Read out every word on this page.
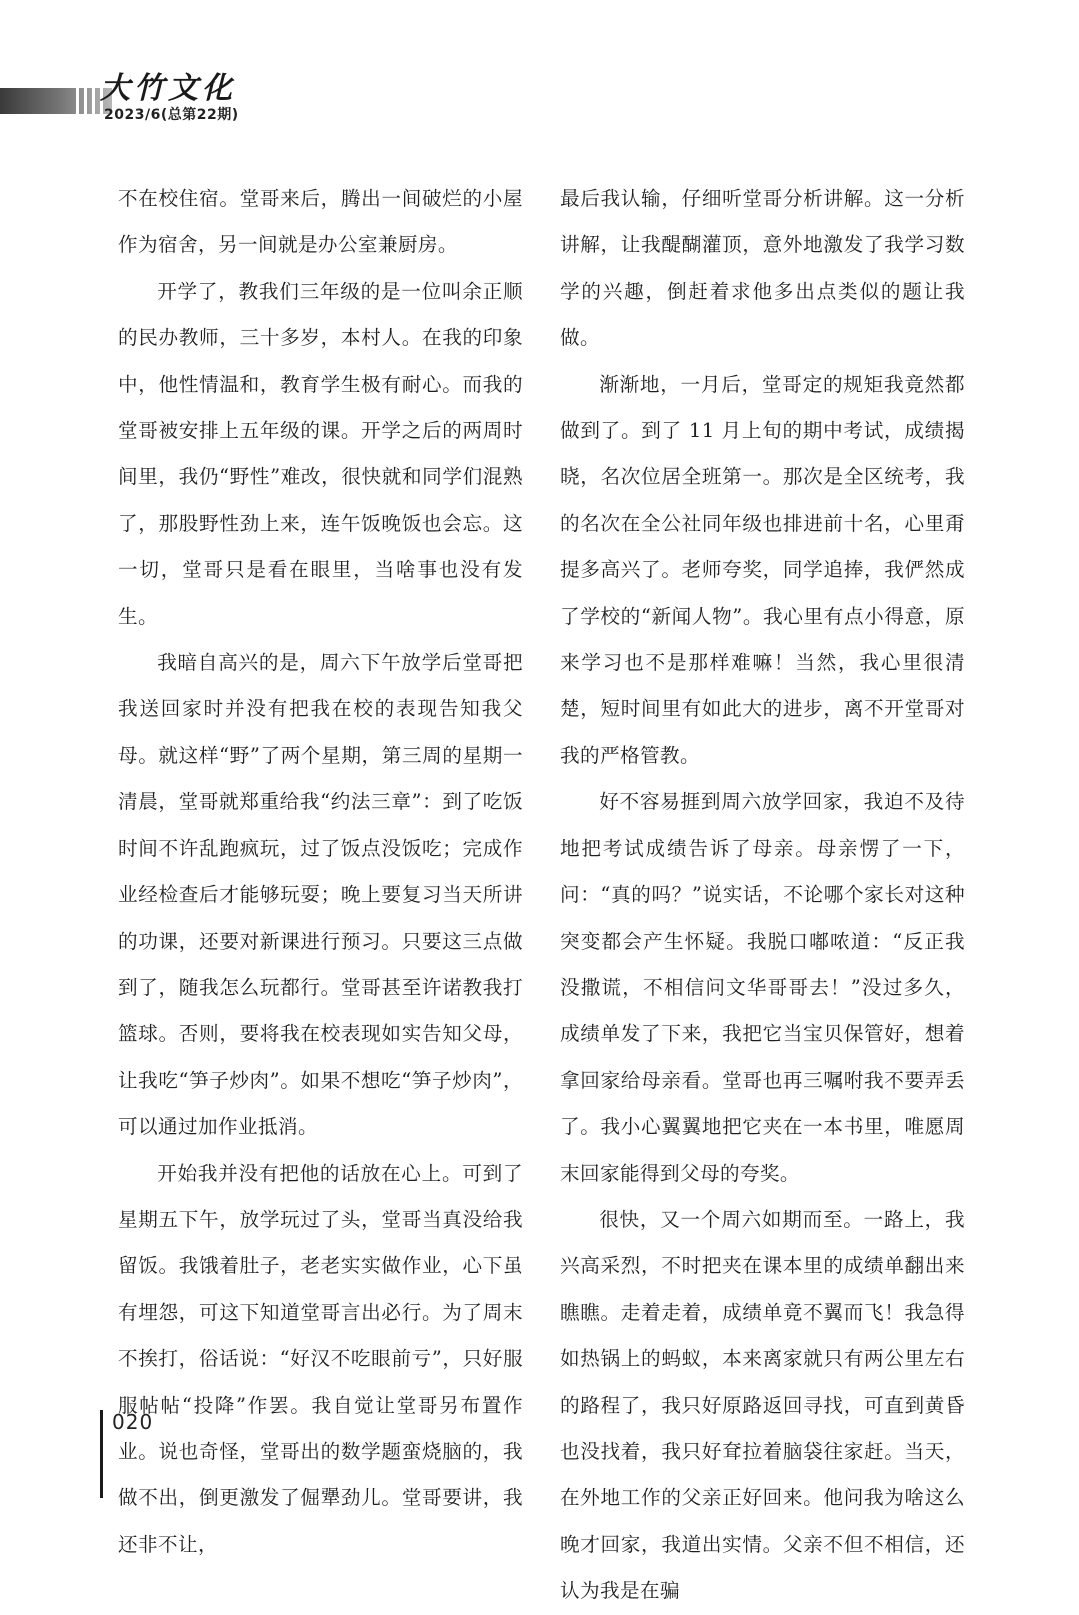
大竹文化
2023/6(总第22期)

不在校住宿。堂哥来后，腾出一间破烂的小屋作为宿舍，另一间就是办公室兼厨房。

开学了，教我们三年级的是一位叫余正顺的民办教师，三十多岁，本村人。在我的印象中，他性情温和，教育学生极有耐心。而我的堂哥被安排上五年级的课。开学之后的两周时间里，我仍“野性”难改，很快就和同学们混熟了，那股野性劲上来，连午饭晚饭也会忘。这一切，堂哥只是看在眼里，当啥事也没有发生。

我暗自高兴的是，周六下午放学后堂哥把我送回家时并没有把我在校的表现告知我父母。就这样“野”了两个星期，第三周的星期一清晨，堂哥就郑重给我“约法三章”：到了吃饭时间不许乱跑疯玩，过了饭点没饭吃；完成作业经检查后才能够玩耍；晚上要复习当天所讲的功课，还要对新课进行预习。只要这三点做到了，随我怎么玩都行。堂哥甚至许诺教我打篮球。否则，要将我在校表现如实告知父母，让我吃“笋子炒肉”。如果不想吃“笋子炒肉”，可以通过加作业抵消。

开始我并没有把他的话放在心上。可到了星期五下午，放学玩过了头，堂哥当真没给我留饭。我饿着肚子，老老实实做作业，心下虽有埋怨，可这下知道堂哥言出必行。为了周末不挨打，俗话说：“好汉不吃眼前亏”，只好服服帖帖“投降”作罢。我自觉让堂哥另布置作业。说也奇怪，堂哥出的数学题蛮烧脑的，我做不出，倒更激发了倔犟劲儿。堂哥要讲，我还非不让，

最后我认输，仔细听堂哥分析讲解。这一分析讲解，让我醍醐灌顶，意外地激发了我学习数学的兴趣，倒赶着求他多出点类似的题让我做。

渐渐地，一月后，堂哥定的规矩我竟然都做到了。到了 11 月上旬的期中考试，成绩揭晓，名次位居全班第一。那次是全区统考，我的名次在全公社同年级也排进前十名，心里甭提多高兴了。老师夸奖，同学追捧，我俨然成了学校的“新闻人物”。我心里有点小得意，原来学习也不是那样难嘛！当然，我心里很清楚，短时间里有如此大的进步，离不开堂哥对我的严格管教。

好不容易捱到周六放学回家，我迫不及待地把考试成绩告诉了母亲。母亲愣了一下，问：“真的吗？”说实话，不论哪个家长对这种突变都会产生怀疑。我脱口嘟哝道：“反正我没撒谎，不相信问文华哥哥去！”没过多久，成绩单发了下来，我把它当宝贝保管好，想着拿回家给母亲看。堂哥也再三嘱咐我不要弄丢了。我小心翼翼地把它夹在一本书里，唯愿周末回家能得到父母的夸奖。

很快，又一个周六如期而至。一路上，我兴高采烈，不时把夹在课本里的成绩单翻出来瞧瞧。走着走着，成绩单竟不翼而飞！我急得如热锅上的蚂蚁，本来离家就只有两公里左右的路程了，我只好原路返回寻找，可直到黄昏也没找着，我只好耷拉着脑袋往家赶。当天，在外地工作的父亲正好回来。他问我为啥这么晚才回家，我道出实情。父亲不但不相信，还认为我是在骗

020
